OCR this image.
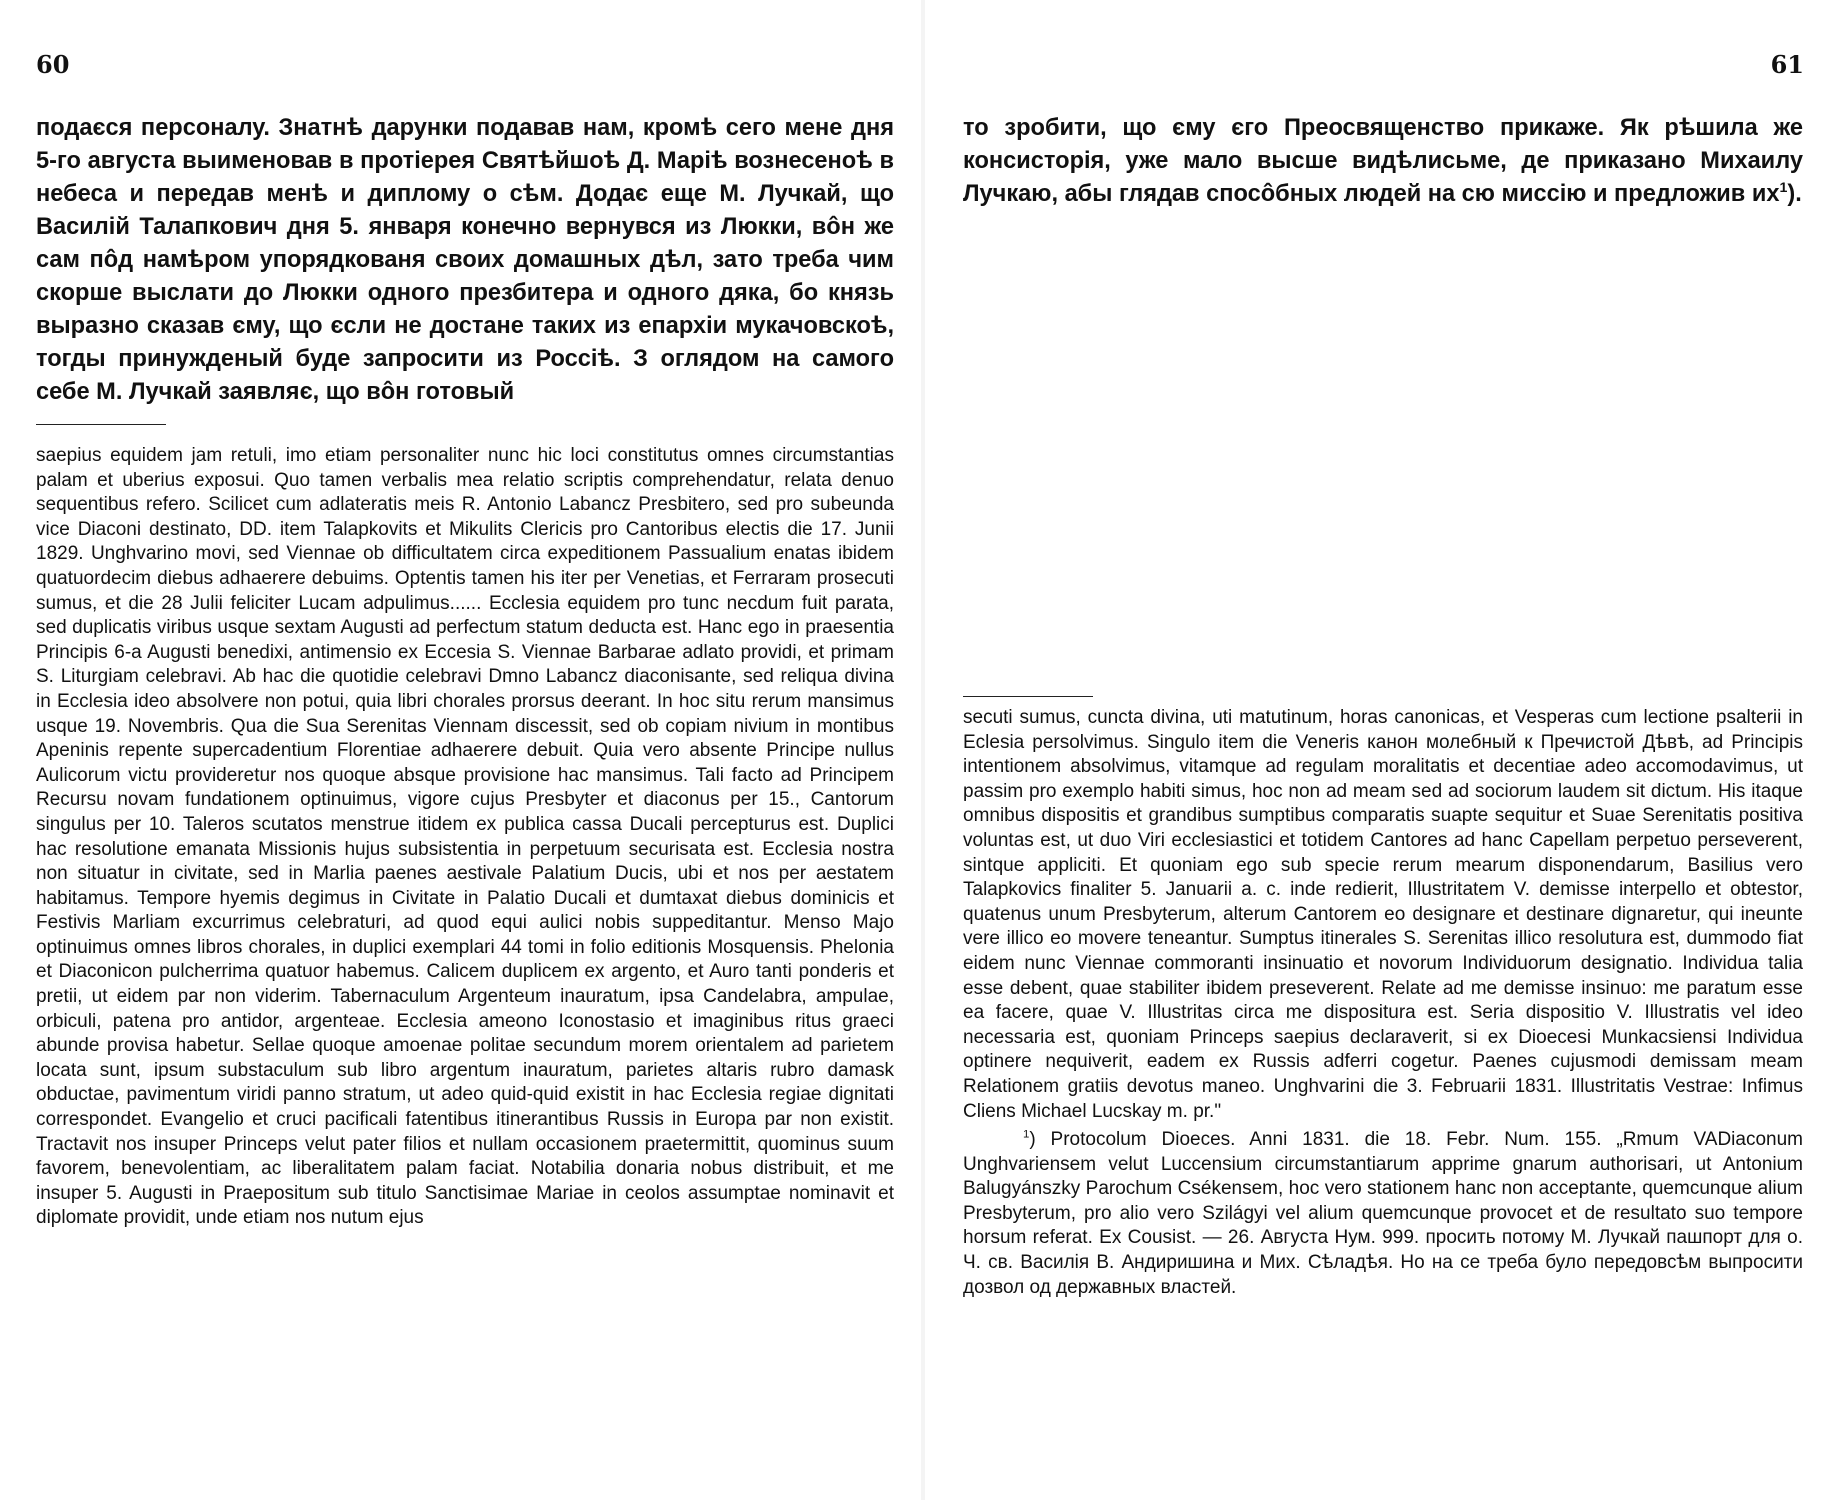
60

подаєся персоналу. Знатнѣ дарунки подавав нам, кромѣ сего мене дня 5-го августа выименовав в протіерея Святѣйшоѣ Д. Маріѣ вознесеноѣ в небеса и передав менѣ и диплому о сѣм. Додає еще М. Лучкай, що Василій Талапкович дня 5. января конечно вернувся из Люкки, вôн же сам пôд намѣром упорядкованя своих домашных дѣл, зато треба чим скорше выслати до Люкки одного презбитера и одного дяка, бо князь выразно сказав єму, що єсли не достане таких из епархіи мукачовскоѣ, тогды принужденый буде запросити из Россіѣ. З оглядом на самого себе М. Лучкай заявляє, що вôн готовый

saepius equidem jam retuli, imo etiam personaliter nunc hic loci constitutus omnes circumstantias palam et uberius exposui. Quo tamen verbalis mea relatio scriptis comprehendatur, relata denuo sequentibus refero. Scilicet cum adlateratis meis R. Antonio Labancz Presbitero, sed pro subeunda vice Diaconi destinato, DD. item Talapkovits et Mikulits Clericis pro Cantoribus electis die 17. Junii 1829. Unghvarino movi, sed Viennae ob difficultatem circa expeditionem Passualium enatas ibidem quatuordecim diebus adhaerere debuims. Optentis tamen his iter per Venetias, et Ferraram prosecuti sumus, et die 28 Julii feliciter Lucam adpulimus...... Ecclesia equidem pro tunc necdum fuit parata, sed duplicatis viribus usque sextam Augusti ad perfectum statum deducta est. Hanc ego in praesentia Principis 6-a Augusti benedixi, antimensio ex Eccesia S. Viennae Barbarae adlato providi, et primam S. Liturgiam celebravi. Ab hac die quotidie celebravi Dmno Labancz diaconisante, sed reliqua divina in Ecclesia ideo absolvere non potui, quia libri chorales prorsus deerant. In hoc situ rerum mansimus usque 19. Novembris. Qua die Sua Serenitas Viennam discessit, sed ob copiam nivium in montibus Apeninis repente supercadentium Florentiae adhaerere debuit. Quia vero absente Principe nullus Aulicorum victu provideretur nos quoque absque provisione hac mansimus. Tali facto ad Principem Recursu novam fundationem optinuimus, vigore cujus Presbyter et diaconus per 15., Cantorum singulus per 10. Taleros scutatos menstrue itidem ex publica cassa Ducali percepturus est. Duplici hac resolutione emanata Missionis hujus subsistentia in perpetuum securisata est. Ecclesia nostra non situatur in civitate, sed in Marlia paenes aestivale Palatium Ducis, ubi et nos per aestatem habitamus. Tempore hyemis degimus in Civitate in Palatio Ducali et dumtaxat diebus dominicis et Festivis Marliam excurrimus celebraturi, ad quod equi aulici nobis suppeditantur. Menso Majo optinuimus omnes libros chorales, in duplici exemplari 44 tomi in folio editionis Mosquensis. Phelonia et Diaconicon pulcherrima quatuor habemus. Calicem duplicem ex argento, et Auro tanti ponderis et pretii, ut eidem par non viderim. Tabernaculum Argenteum inauratum, ipsa Candelabra, ampulae, orbiculi, patena pro antidor, argenteae. Ecclesia ameono Iconostasio et imaginibus ritus graeci abunde provisa habetur. Sellae quoque amoenae politae secundum morem orientalem ad parietem locata sunt, ipsum substaculum sub libro argentum inauratum, parietes altaris rubro damask obductae, pavimentum viridi panno stratum, ut adeo quid-quid existit in hac Ecclesia regiae dignitati correspondet. Evangelio et cruci pacificali fatentibus itinerantibus Russis in Europa par non existit. Tractavit nos insuper Princeps velut pater filios et nullam occasionem praetermittit, quominus suum favorem, benevolentiam, ac liberalitatem palam faciat. Notabilia donaria nobus distribuit, et me insuper 5. Augusti in Praepositum sub titulo Sanctisimae Mariae in ceolos assumptae nominavit et diplomate providit, unde etiam nos nutum ejus

61

то зробити, що єму єго Преосвященство прикаже. Як рѣшила же консисторія, уже мало высше видѣлисьме, де приказано Михаилу Лучкаю, абы глядав спосôбных людей на сю миссію и предложив $их^1$).

secuti sumus, cuncta divina, uti matutinum, horas canonicas, et Vesperas cum lectione psalterii in Eclesia persolvimus. Singulo item die Veneris канон молебный к Пречистой Дѣвѣ, ad Principis intentionem absolvimus, vitamque ad regulam moralitatis et decentiae adeo accomodavimus, ut passim pro exemplo habiti simus, hoc non ad meam sed ad sociorum laudem sit dictum. His itaque omnibus dispositis et grandibus sumptibus comparatis suapte sequitur et Suae Serenitatis positiva voluntas est, ut duo Viri ecclesiastici et totidem Cantores ad hanc Capellam perpetuo perseverent, sintque appliciti. Et quoniam ego sub specie rerum mearum disponendarum, Basilius vero Talapkovics finaliter 5. Januarii a. c. inde redierit, Illustritatem V. demisse interpello et obtestor, quatenus unum Presbyterum, alterum Cantorem eo designare et destinare dignaretur, qui ineunte vere illico eo movere teneantur. Sumptus itinerales S. Serenitas illico resolutura est, dummodo fiat eidem nunc Viennae commoranti insinuatio et novorum Individuorum designatio. Individua talia esse debent, quae stabiliter ibidem preseverent. Relate ad me demisse insinuo: me paratum esse ea facere, quae V. Illustritas circa me dispositura est. Seria dispositio V. Illustratis vel ideo necessaria est, quoniam Princeps saepius declaraverit, si ex Dioecesi Munkacsiensi Individua optinere nequiverit, eadem ex Russis adferri cogetur. Paenes cujusmodi demissam meam Relationem gratiis devotus maneo. Unghvarini die 3. Februarii 1831. Illustritatis Vestrae: Infimus Cliens Michael Lucskay m. pr."

$^1$) Protocolum Dioeces. Anni 1831. die 18. Febr. Num. 155. „Rmum VADiaconum Unghvariensem velut Luccensium circumstantiarum apprime gnarum authorisari, ut Antonium Balugyánszky Parochum Csékensem, hoc vero stationem hanc non acceptante, quemcunque alium Presbyterum, pro alio vero Szilágyi vel alium quemcunque provocet et de resultato suo tempore horsum referat. Ex Cousist. — 26. Августа Нум. 999. просить потому М. Лучкай пашпорт для о. Ч. св. Василія В. Андиришина и Мих. Сѣладѣя. Но на се треба було передовсѣм выпросити дозвол од державных властей.
